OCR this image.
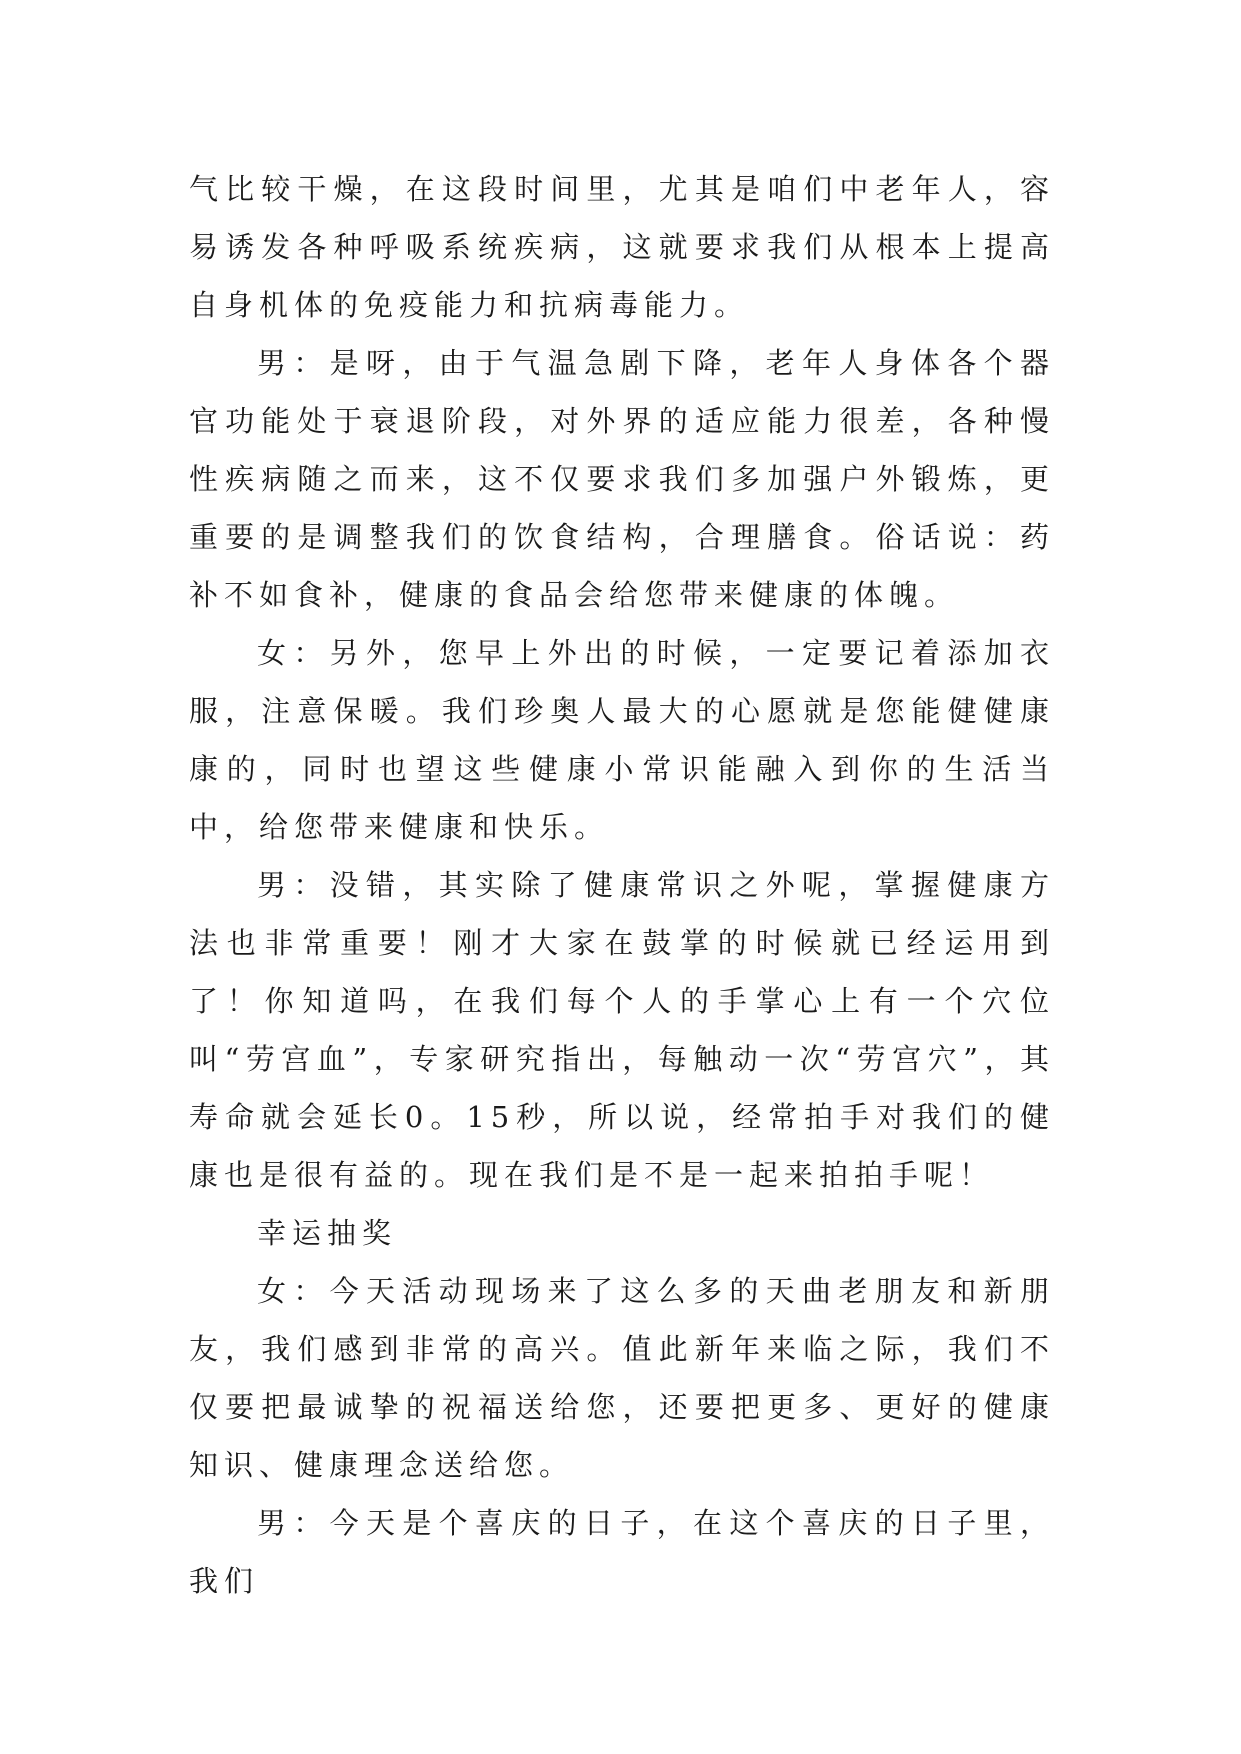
气比较干燥，在这段时间里，尤其是咱们中老年人，容易诱发各种呼吸系统疾病，这就要求我们从根本上提高自身机体的免疫能力和抗病毒能力。

男：是呀，由于气温急剧下降，老年人身体各个器官功能处于衰退阶段，对外界的适应能力很差，各种慢性疾病随之而来，这不仅要求我们多加强户外锻炼，更重要的是调整我们的饮食结构，合理膳食。俗话说：药补不如食补，健康的食品会给您带来健康的体魄。

女：另外，您早上外出的时候，一定要记着添加衣服，注意保暖。我们珍奥人最大的心愿就是您能健健康康的，同时也望这些健康小常识能融入到你的生活当中，给您带来健康和快乐。

男：没错，其实除了健康常识之外呢，掌握健康方法也非常重要！刚才大家在鼓掌的时候就已经运用到了！你知道吗，在我们每个人的手掌心上有一个穴位叫“劳宫血”，专家研究指出，每触动一次“劳宫穴”，其寿命就会延长0。15秒，所以说，经常拍手对我们的健康也是很有益的。现在我们是不是一起来拍拍手呢！

幸运抽奖

女：今天活动现场来了这么多的天曲老朋友和新朋友，我们感到非常的高兴。值此新年来临之际，我们不仅要把最诚挚的祝福送给您，还要把更多、更好的健康知识、健康理念送给您。

男：今天是个喜庆的日子，在这个喜庆的日子里，我们
